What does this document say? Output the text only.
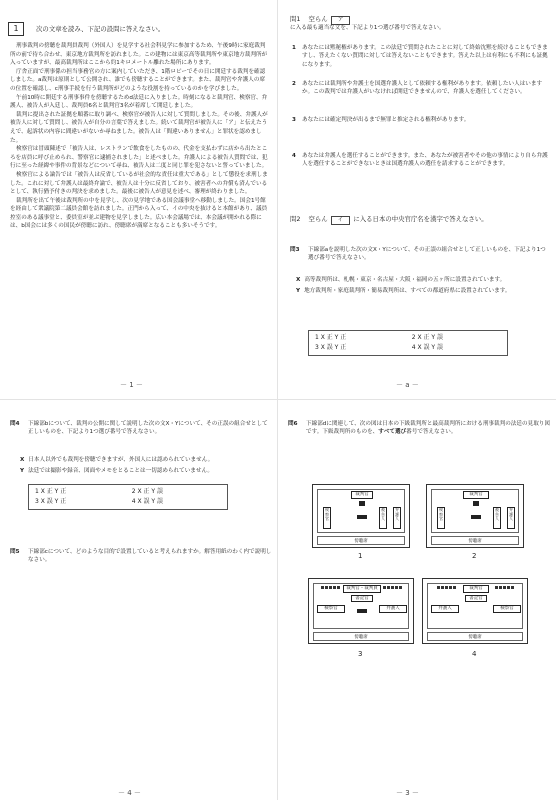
1	次の文章を読み、下記の設問に答えなさい。

刑事裁判の傍聴を裁判員裁判（外国人）を見学する社会科見学に参加するため、午後9時に家庭裁判所の前で待ち合わせ、東京地方裁判所を訪れました。この建物には東京高等裁判所や東京地方裁判所が入っていますが、最高裁判所はここから約1キロメートル離れた場所にあります。

庁舎正面で刑事係の担当事務官の方に案内していただき、1階ロビーでその日に開廷する裁判を確認しました。a裁判は原則として公開され、誰でも傍聴することができます。また、裁判官や弁護人の席の位置を確認し、c刑事手続を行う裁判所がどのような役割を持っているのかを学びました。

午前10時に開廷する刑事事件を傍聴するためd法廷に入りました。時刻になると裁判官、検察官、弁護人、被告人が入廷し、裁判員6名と裁判官3名が着席して開廷しました。

裁判に提出された証拠を順番に取り調べ、検察官が被告人に対して質問しました。その後、弁護人が被告人に対して質問し、被告人が自分の言葉で答えました。続いて裁判官が被告人に「ア」と伝えたうえで、起訴状の内容に間違いがないか尋ねました。被告人は「間違いありません」と罪状を認めました。

検察官は冒頭陳述で「被告人は、レストランで飲食をしたものの、代金を支払わずに店から出たところを店員に呼び止められ、警察官に逮捕されました」と述べました。弁護人による被告人質問では、犯行に至った経緯や事件の背景などについて尋ね、被告人は二度と同じ罪を犯さないと誓っていました。

検察官による論告では「被告人は反省しているが社会的な責任は重大である」として懲役を求刑しました。これに対して弁護人は最終弁論で、被告人は十分に反省しており、被害者への弁償も済んでいるとして、執行猶予付きの判決を求めました。最後に被告人が意見を述べ、審理が終わりました。

裁判所を出て午後は裁判所の中を見学し、次の見学地である国会議事堂へ移動しました。国会1号館を経由して衆議院第二議員会館を訪れました。正門から入って、イの中央を抜けると本館があり、議員控室のある議事堂と、委員室が並ぶ建物を見学しました。広い本会議場では、本会議が開かれる際には、b国会には多くの国民が傍聴に訪れ、傍聴席が満席となることも多いそうです。

－ 1 －
問1 空らん ア
に入る最も適当な文を、下記より1つ選び番号で答えなさい。
1 あなたには黙秘権があります。この法廷で質問されたことに対して終始沈黙を続けることもできますし、答えたくない質問に対しては答えないこともできます。答えた以上は有利にも不利にも証拠になります。
2 あなたには裁判所や弁護士を国選弁護人として依頼する権利があります。依頼したい人はいますか。この裁判では弁護人がいなければ開廷できませんので、弁護人を選任してください。
3 あなたには確定判決が出るまで無罪と推定される権利があります。
4 あなたは弁護人を選任することができます。また、あなたが被害者やその他の事情により自ら弁護人を選任することができないときは国選弁護人の選任を請求することができます。
問2 空らん イ に入る日本の中央官庁名を漢字で答えなさい。
問3 下線部aを説明した次の文X・Yについて、その正誤の組合せとして正しいものを、下記より1つ選び番号で答えなさい。
X 高等裁判所は、札幌・東京・名古屋・大阪・福岡の五ヶ所に設置されています。
Y 地方裁判所・家庭裁判所・簡易裁判所は、すべての都道府県に設置されています。
1 X 正 Y 正	2 X 正 Y 誤
3 X 誤 Y 正	4 X 誤 Y 誤
－ a －
問4 下線部bについて、裁判の公開に関して説明した次の文X・Yについて、その正誤の組合せとして正しいものを、下記より1つ選び番号で答えなさい。
X 日本人以外でも裁判を傍聴できますが、外国人には認められていません。
Y 法廷では撮影や録音、図面やメモをとることは一切認められていません。
1 X 正 Y 正	2 X 正 Y 誤
3 X 誤 Y 正	4 X 誤 Y 誤
問5 下線部cについて、どのような目的で設置していると考えられますか。解答用紙のわく内で説明しなさい。
－ 4 －
問6 下線部dに関連して、次の図は日本の下級裁判所と最高裁判所における刑事裁判の法廷の見取り図です。下級裁判所のものを、すべて選び番号で答えなさい。
裁判官
検察官
被告人
弁護人
傍聴席
1
裁判官
検察官
被告人
弁護人
傍聴席
2
裁判官・裁判員
書記官
検察官	弁護人
傍聴席
3
裁判官
書記官
弁護人	検察官
傍聴席
4
－ 3 －
